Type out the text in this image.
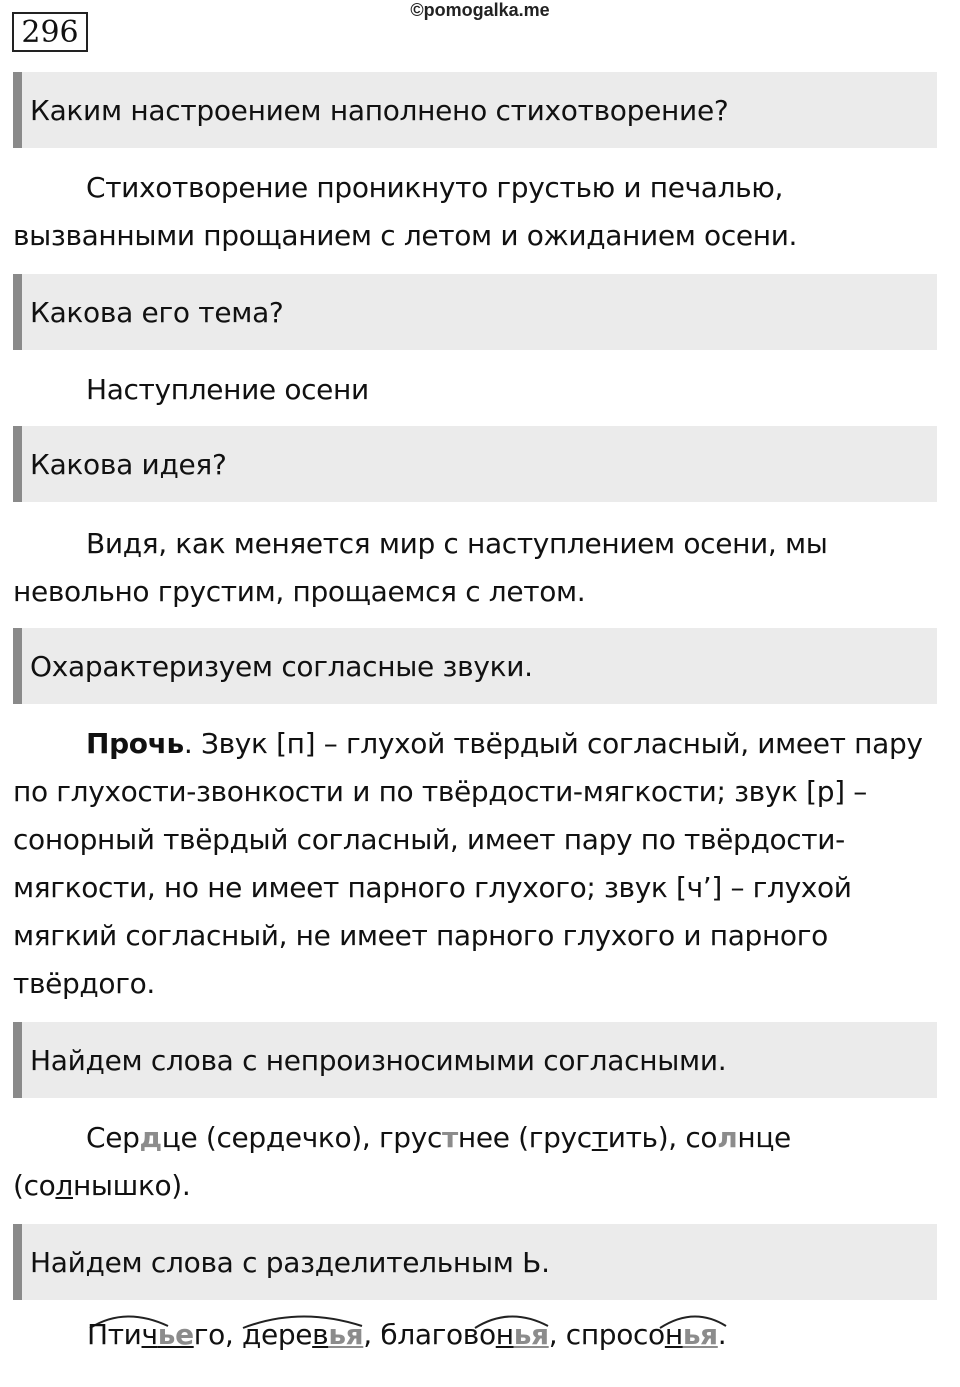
296
©pomogalka.me
Каким настроением наполнено стихотворение?

Стихотворение проникнуто грустью и печалью, вызванными прощанием с летом и ожиданием осени.

Какова его тема?

Наступление осени

Какова идея?

Видя, как меняется мир с наступлением осени, мы невольно грустим, прощаемся с летом.

Охарактеризуем согласные звуки.

Прочь. Звук [п] – глухой твёрдый согласный, имеет пару по глухости-звонкости и по твёрдости-мягкости; звук [р] – сонорный твёрдый согласный, имеет пару по твёрдости-мягкости, но не имеет парного глухого; звук [ч’] – глухой мягкий согласный, не имеет парного глухого и парного твёрдого.

Найдем слова с непроизносимыми согласными.

Сердце (сердечко), грустнее (грустить), солнце (солнышко).

Найдем слова с разделительным Ь.
Птичьего, деревья, благовонья, спросонья.
